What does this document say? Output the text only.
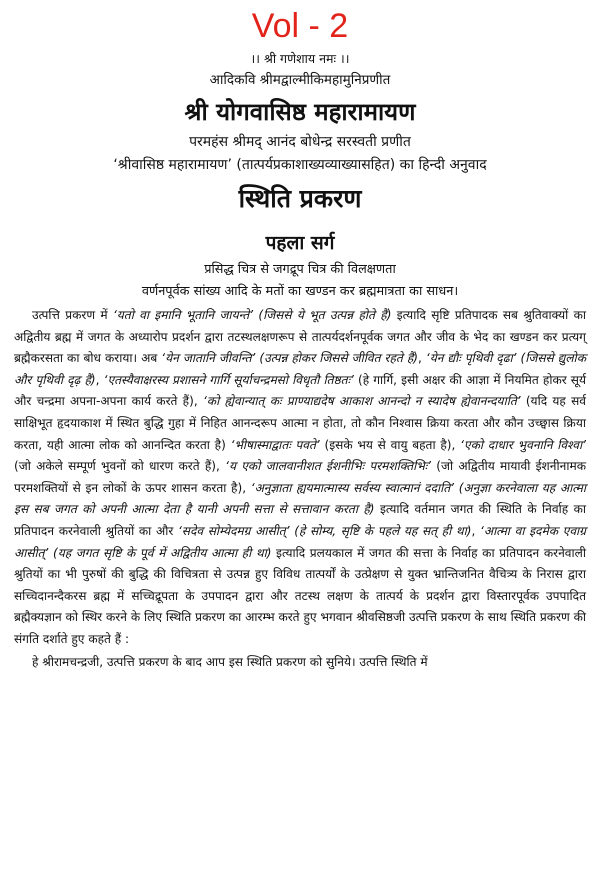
Vol - 2
।। श्री गणेशाय नमः ।।
आदिकवि श्रीमद्वाल्मीकिमहामुनिप्रणीत
श्री योगवासिष्ठ महारामायण
परमहंस श्रीमद् आनंद बोधेन्द्र सरस्वती प्रणीत
‘श्रीवासिष्ठ महारामायण’ (तात्पर्यप्रकाशाख्यव्याख्यासहित) का हिन्दी अनुवाद
स्थिति प्रकरण
पहला सर्ग
प्रसिद्ध चित्र से जगद्रूप चित्र की विलक्षणता
वर्णनपूर्वक सांख्य आदि के मतों का खण्डन कर ब्रह्ममात्रता का साधन।

उत्पत्ति प्रकरण में ‘यतो वा इमानि भूतानि जायन्ते’ (जिससे ये भूत उत्पन्न होते हैं) इत्यादि सृष्टि प्रतिपादक सब श्रुतिवाक्यों का अद्वितीय ब्रह्म में जगत के अध्यारोप प्रदर्शन द्वारा तटस्थलक्षणरूप से तात्पर्यदर्शनपूर्वक जगत और जीव के भेद का खण्डन कर प्रत्यग् ब्रह्मैकरसता का बोध कराया। अब ‘येन जातानि जीवन्ति’ (उत्पन्न होकर जिससे जीवित रहते हैं), ‘येन द्यौः पृथिवी दृढा’ (जिससे द्युलोक और पृथिवी दृढ़ हैं), ‘एतस्यैवाक्षरस्य प्रशासने गार्गि सूर्याचन्द्रमसो विधृतौ तिष्ठतः’ (हे गार्गि, इसी अक्षर की आज्ञा में नियमित होकर सूर्य और चन्द्रमा अपना-अपना कार्य करते हैं), ‘को ह्येवान्यात् कः प्राण्याद्यदेष आकाश आनन्दो न स्यादेष ह्येवानन्दयाति’ (यदि यह सर्व साक्षिभूत हृदयाकाश में स्थित बुद्धि गुहा में निहित आनन्दरूप आत्मा न होता, तो कौन निश्वास क्रिया करता और कौन उच्छ्वास क्रिया करता, यही आत्मा लोक को आनन्दित करता है) ‘भीषास्माद्वातः पवते’ (इसके भय से वायु बहता है), ‘एको दाधार भुवनानि विश्वा’ (जो अकेले सम्पूर्ण भुवनों को धारण करते हैं), ‘य एको जालवानीशत ईशनीभिः परमशक्तिभिः’ (जो अद्वितीय मायावी ईशनीनामक परमशक्तियों से इन लोकों के ऊपर शासन करता है), ‘अनुज्ञाता ह्ययमात्मास्य सर्वस्य स्वात्मानं ददाति’ (अनुज्ञा करनेवाला यह आत्मा इस सब जगत को अपनी आत्मा देता है यानी अपनी सत्ता से सत्तावान करता है) इत्यादि वर्तमान जगत की स्थिति के निर्वाह का प्रतिपादन करनेवाली श्रुतियों का और ‘सदेव सोम्येदमग्र आसीत्’ (हे सोम्य, सृष्टि के पहले यह सत् ही था), ‘आत्मा वा इदमेक एवाग्र आसीत्’ (यह जगत सृष्टि के पूर्व में अद्वितीय आत्मा ही था) इत्यादि प्रलयकाल में जगत की सत्ता के निर्वाह का प्रतिपादन करनेवाली श्रुतियों का भी पुरुषों की बुद्धि की विचित्रता से उत्पन्न हुए विविध तात्पर्यों के उत्प्रेक्षण से युक्त भ्रान्तिजनित वैचित्र्य के निरास द्वारा सच्चिदानन्दैकरस ब्रह्म में सच्चिद्रूपता के उपपादन द्वारा और तटस्थ लक्षण के तात्पर्य के प्रदर्शन द्वारा विस्तारपूर्वक उपपादित ब्रह्मैक्यज्ञान को स्थिर करने के लिए स्थिति प्रकरण का आरम्भ करते हुए भगवान श्रीवसिष्ठजी उत्पत्ति प्रकरण के साथ स्थिति प्रकरण की संगति दर्शाते हुए कहते हैं :

हे श्रीरामचन्द्रजी, उत्पत्ति प्रकरण के बाद आप इस स्थिति प्रकरण को सुनिये। उत्पत्ति स्थिति में
